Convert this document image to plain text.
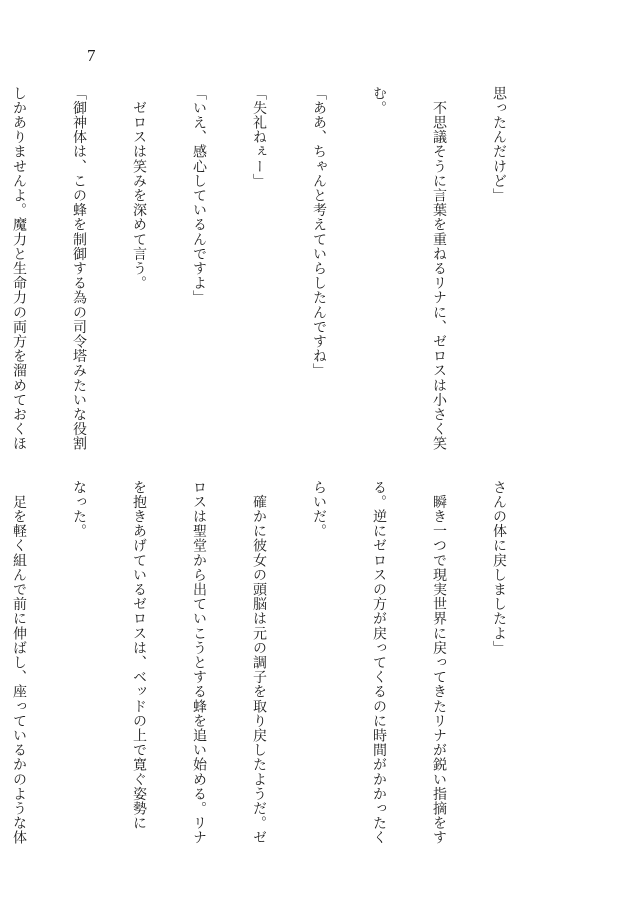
7

思ったんだけど」

　不思議そうに言葉を重ねるリナに、ゼロスは小さく笑

む。

「ああ、ちゃんと考えていらしたんですね」

「失礼ねぇー」

「いえ、感心しているんですよ」

　ゼロスは笑みを深めて言う。

「御神体は、この蜂を制御する為の司令塔みたいな役割

しかありませんよ。魔力と生命力の両方を溜めておくほ

さんの体に戻しましたよ」

　瞬き一つで現実世界に戻ってきたリナが鋭い指摘をす

る。逆にゼロスの方が戻ってくるのに時間がかかったく

らいだ。

　確かに彼女の頭脳は元の調子を取り戻したようだ。ゼ

ロスは聖堂から出ていこうとする蜂を追い始める。リナ

を抱きあげているゼロスは、ベッドの上で寛ぐ姿勢に

なった。

　足を軽く組んで前に伸ばし、座っているかのような体
